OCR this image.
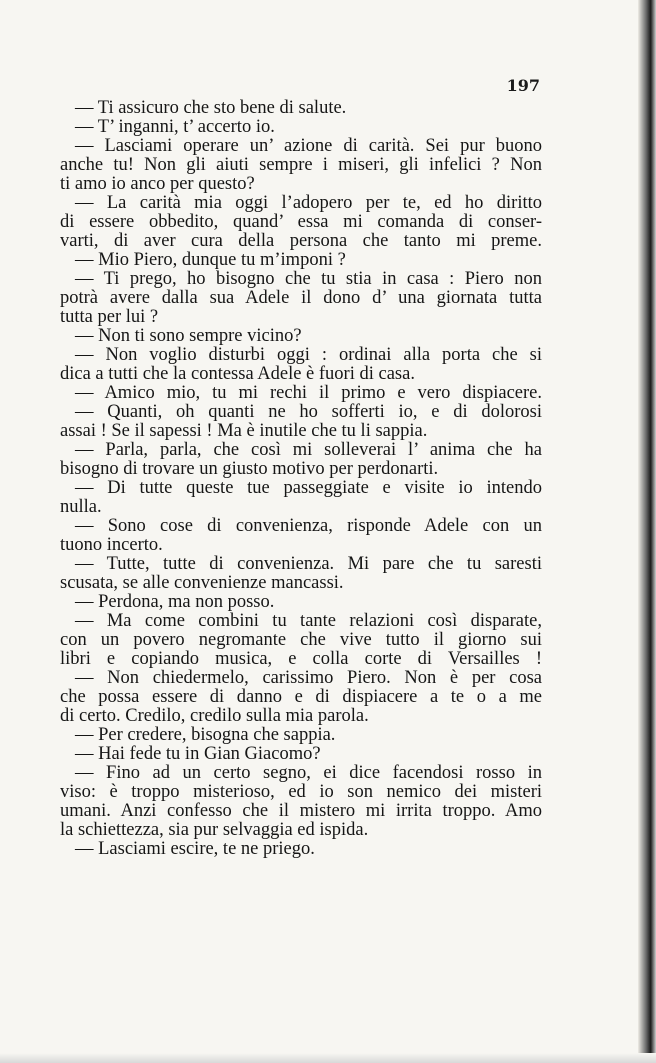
197
— Ti assicuro che sto bene di salute.
— T’ inganni, t’ accerto io.
— Lasciami operare un’ azione di carità. Sei pur buono
anche tu! Non gli aiuti sempre i miseri, gli infelici ? Non
ti amo io anco per questo?
— La carità mia oggi l’adopero per te, ed ho diritto
di essere obbedito, quand’ essa mi comanda di conser-
varti, di aver cura della persona che tanto mi preme.
— Mio Piero, dunque tu m’imponi ?
— Ti prego, ho bisogno che tu stia in casa : Piero non
potrà avere dalla sua Adele il dono d’ una giornata tutta
tutta per lui ?
— Non ti sono sempre vicino?
— Non voglio disturbi oggi : ordinai alla porta che si
dica a tutti che la contessa Adele è fuori di casa.
— Amico mio, tu mi rechi il primo e vero dispiacere.
— Quanti, oh quanti ne ho sofferti io, e di dolorosi
assai ! Se il sapessi ! Ma è inutile che tu li sappia.
— Parla, parla, che così mi solleverai l’ anima che ha
bisogno di trovare un giusto motivo per perdonarti.
— Di tutte queste tue passeggiate e visite io intendo
nulla.
— Sono cose di convenienza, risponde Adele con un
tuono incerto.
— Tutte, tutte di convenienza. Mi pare che tu saresti
scusata, se alle convenienze mancassi.
— Perdona, ma non posso.
— Ma come combini tu tante relazioni così disparate,
con un povero negromante che vive tutto il giorno sui
libri e copiando musica, e colla corte di Versailles !
— Non chiedermelo, carissimo Piero. Non è per cosa
che possa essere di danno e di dispiacere a te o a me
di certo. Credilo, credilo sulla mia parola.
— Per credere, bisogna che sappia.
— Hai fede tu in Gian Giacomo?
— Fino ad un certo segno, ei dice facendosi rosso in
viso: è troppo misterioso, ed io son nemico dei misteri
umani. Anzi confesso che il mistero mi irrita troppo. Amo
la schiettezza, sia pur selvaggia ed ispida.
— Lasciami escire, te ne priego.
